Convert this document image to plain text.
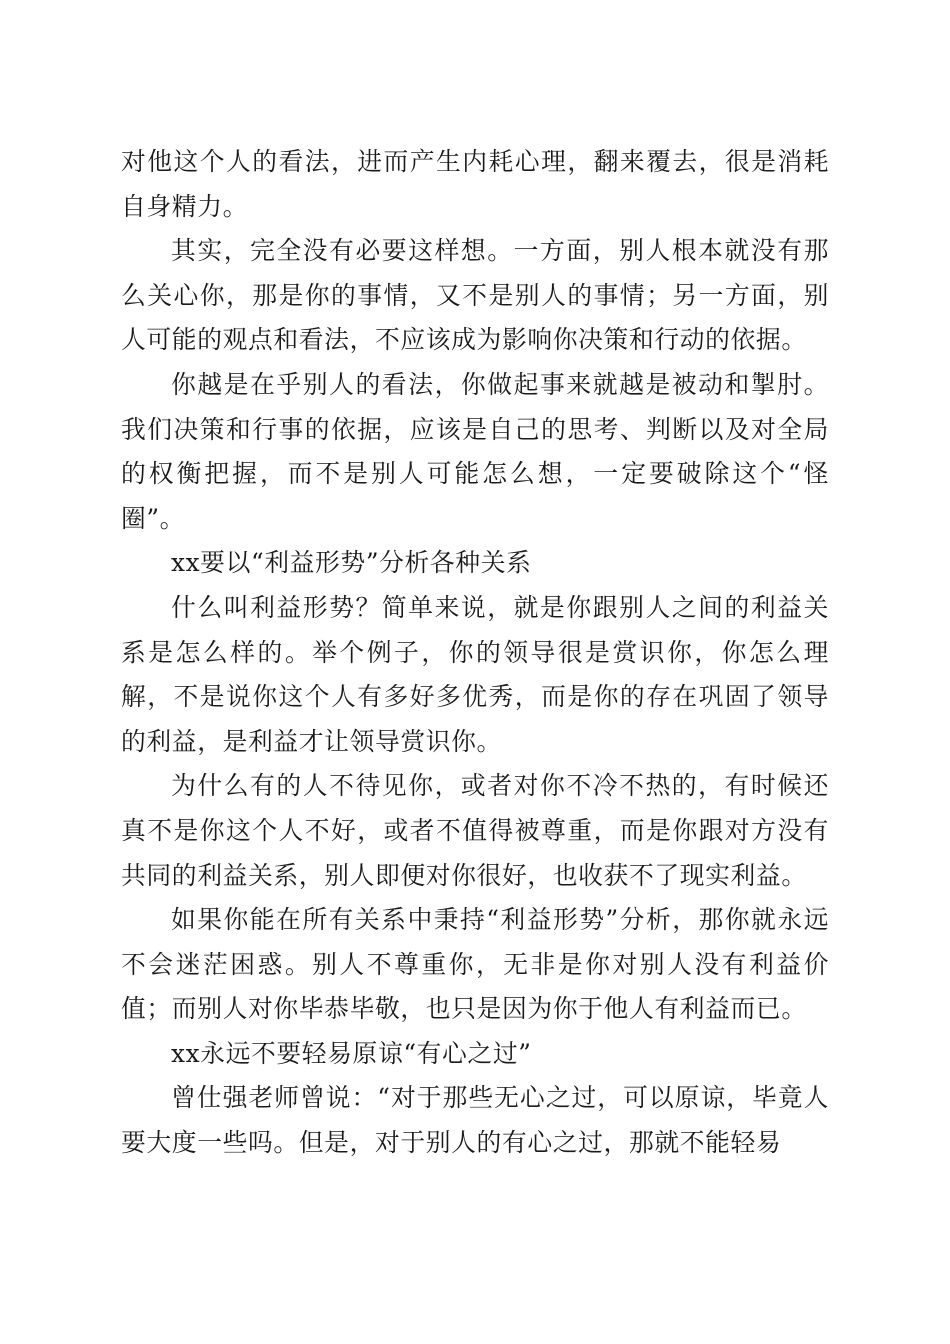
对他这个人的看法，进而产生内耗心理，翻来覆去，很是消耗自身精力。

其实，完全没有必要这样想。一方面，别人根本就没有那么关心你，那是你的事情，又不是别人的事情；另一方面，别人可能的观点和看法，不应该成为影响你决策和行动的依据。

你越是在乎别人的看法，你做起事来就越是被动和掣肘。我们决策和行事的依据，应该是自己的思考、判断以及对全局的权衡把握，而不是别人可能怎么想，一定要破除这个“怪圈”。

xx要以“利益形势”分析各种关系

什么叫利益形势？简单来说，就是你跟别人之间的利益关系是怎么样的。举个例子，你的领导很是赏识你，你怎么理解，不是说你这个人有多好多优秀，而是你的存在巩固了领导的利益，是利益才让领导赏识你。

为什么有的人不待见你，或者对你不冷不热的，有时候还真不是你这个人不好，或者不值得被尊重，而是你跟对方没有共同的利益关系，别人即便对你很好，也收获不了现实利益。

如果你能在所有关系中秉持“利益形势”分析，那你就永远不会迷茫困惑。别人不尊重你，无非是你对别人没有利益价值；而别人对你毕恭毕敬，也只是因为你于他人有利益而已。

xx永远不要轻易原谅“有心之过”

曾仕强老师曾说：“对于那些无心之过，可以原谅，毕竟人要大度一些吗。但是，对于别人的有心之过，那就不能轻易
